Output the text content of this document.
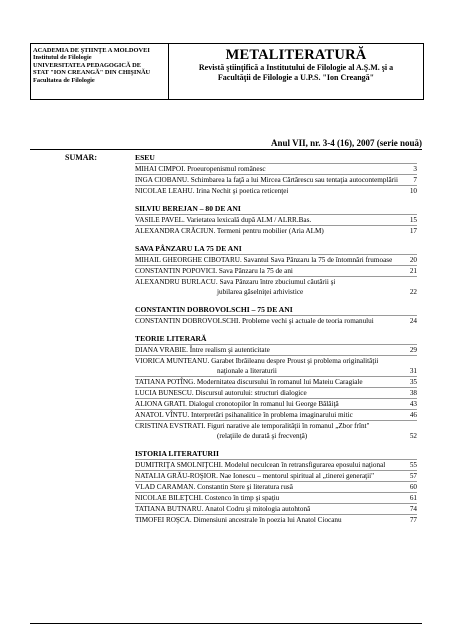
ACADEMIA DE ŞTIINŢE A MOLDOVEI
Institutul de Filologie
UNIVERSITATEA PEDAGOGICĂ DE
STAT "ION CREANGĂ" DIN CHIŞINĂU
Facultatea de Filologie
METALITERATURĂ
Revistă ştiinţifică a Institutului de Filologie al A.Ş.M. şi a
Facultăţii de Filologie a U.P.S. "Ion Creangă"
Anul VII, nr. 3-4 (16), 2007 (serie nouă)
SUMAR:	ESEU
MIHAI CIMPOI. Proeuropenismul românesc	3
INGA CIOBANU. Schimbarea la faţă a lui Mircea Cărtărescu sau tentaţia autocontemplării	7
NICOLAE LEAHU. Irina Nechit şi poetica reticenţei	10
SILVIU BEREJAN – 80 DE ANI
VASILE PAVEL. Varietatea lexicală după ALM / ALRR.Bas.	15
ALEXANDRA CRĂCIUN. Termeni pentru mobilier (Aria ALM)	17
SAVA PÂNZARU LA 75 DE ANI
MIHAIL GHEORGHE CIBOTARU. Savantul Sava Pânzaru la 75 de întomnări frumoase	20
CONSTANTIN POPOVICI. Sava Pânzaru la 75 de ani	21
ALEXANDRU BURLACU. Sava Pânzaru între zbuciumul căutării şi
jubilarea găselniţei arhivistice	22
CONSTANTIN DOBROVOLSCHI – 75 DE ANI
CONSTANTIN DOBROVOLSCHI. Probleme vechi şi actuale de teoria romanului	24
TEORIE LITERARĂ
DIANA VRABIE. Între realism şi autenticitate	29
VIORICA MUNTEANU. Garabet Ibrăileanu despre Proust şi problema originalităţii
naţionale a literaturii	31
TATIANA POTÎNG. Modernitatea discursului în romanul lui Mateiu Caragiale	35
LUCIA BUNESCU. Discursul autorului: structuri dialogice	38
ALIONA GRATI. Dialogul cronotopilor în romanul lui George Bălăiţă	43
ANATOL VÎNTU. Interpretări psihanalitice în problema imaginarului mitic	46
CRISTINA EVSTRATI. Figuri narative ale temporalităţii în romanul „Zbor frînt"
(relaţiile de durată şi frecvenţă)	52
ISTORIA LITERATURII
DUMITRIŢA SMOLNIŢCHI. Modelul neculcean în retransfigurarea eposului naţional	55
NATALIA GRĂU-ROŞIOR. Nae Ionescu – mentorul spiritual al „tinerei generaţii"	57
VLAD CARAMAN. Constantin Stere şi literatura rusă	60
NICOLAE BILEŢCHI. Costenco în timp şi spaţiu	61
TATIANA BUTNARU. Anatol Codru şi mitologia autohtonă	74
TIMOFEI ROŞCA. Dimensiuni ancestrale în poezia lui Anatol Ciocanu	77
